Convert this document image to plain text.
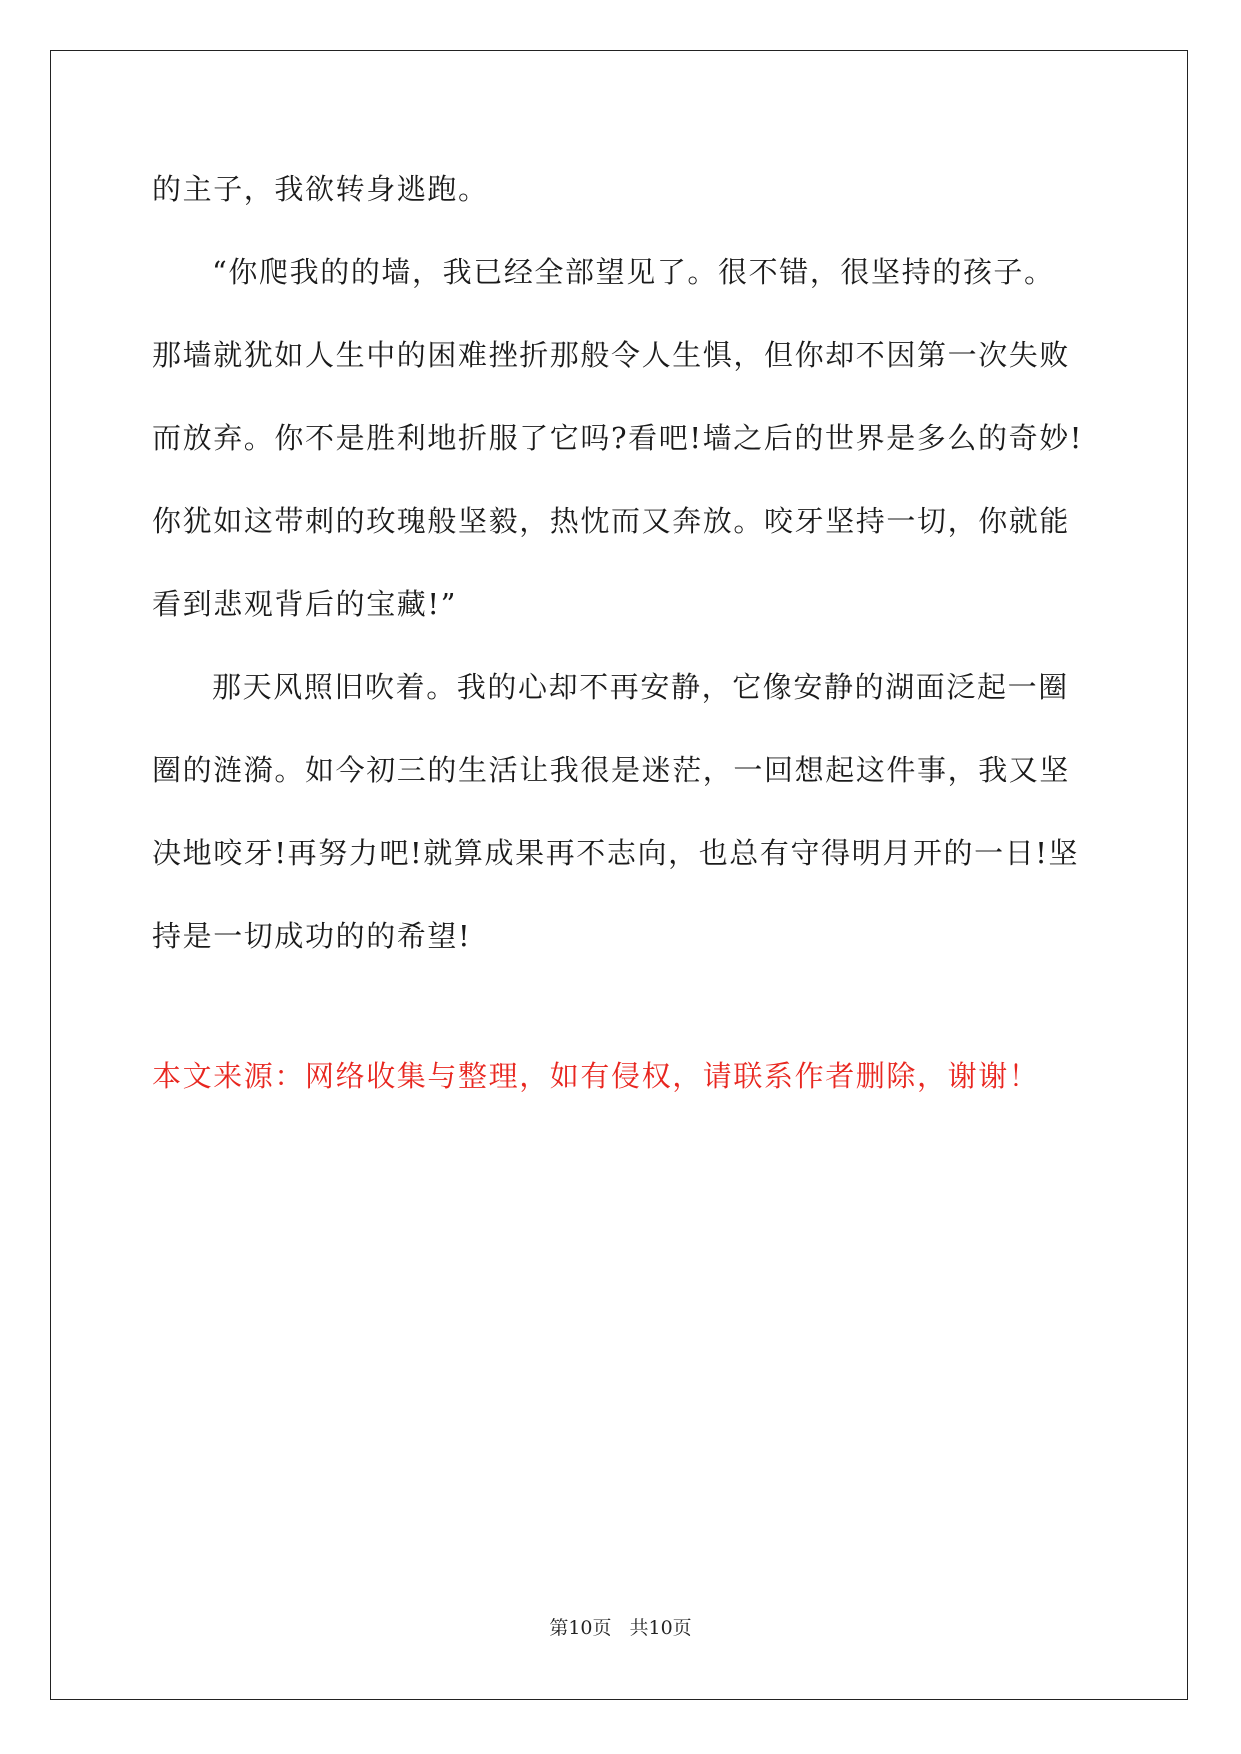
的主子，我欲转身逃跑。
“你爬我的的墙，我已经全部望见了。很不错，很坚持的孩子。
那墙就犹如人生中的困难挫折那般令人生惧，但你却不因第一次失败
而放弃。你不是胜利地折服了它吗?看吧!墙之后的世界是多么的奇妙!
你犹如这带刺的玫瑰般坚毅，热忱而又奔放。咬牙坚持一切，你就能
看到悲观背后的宝藏!”
那天风照旧吹着。我的心却不再安静，它像安静的湖面泛起一圈
圈的涟漪。如今初三的生活让我很是迷茫，一回想起这件事，我又坚
决地咬牙!再努力吧!就算成果再不志向，也总有守得明月开的一日!坚
持是一切成功的的希望!
本文来源：网络收集与整理，如有侵权，请联系作者删除，谢谢！
第10页 共10页
